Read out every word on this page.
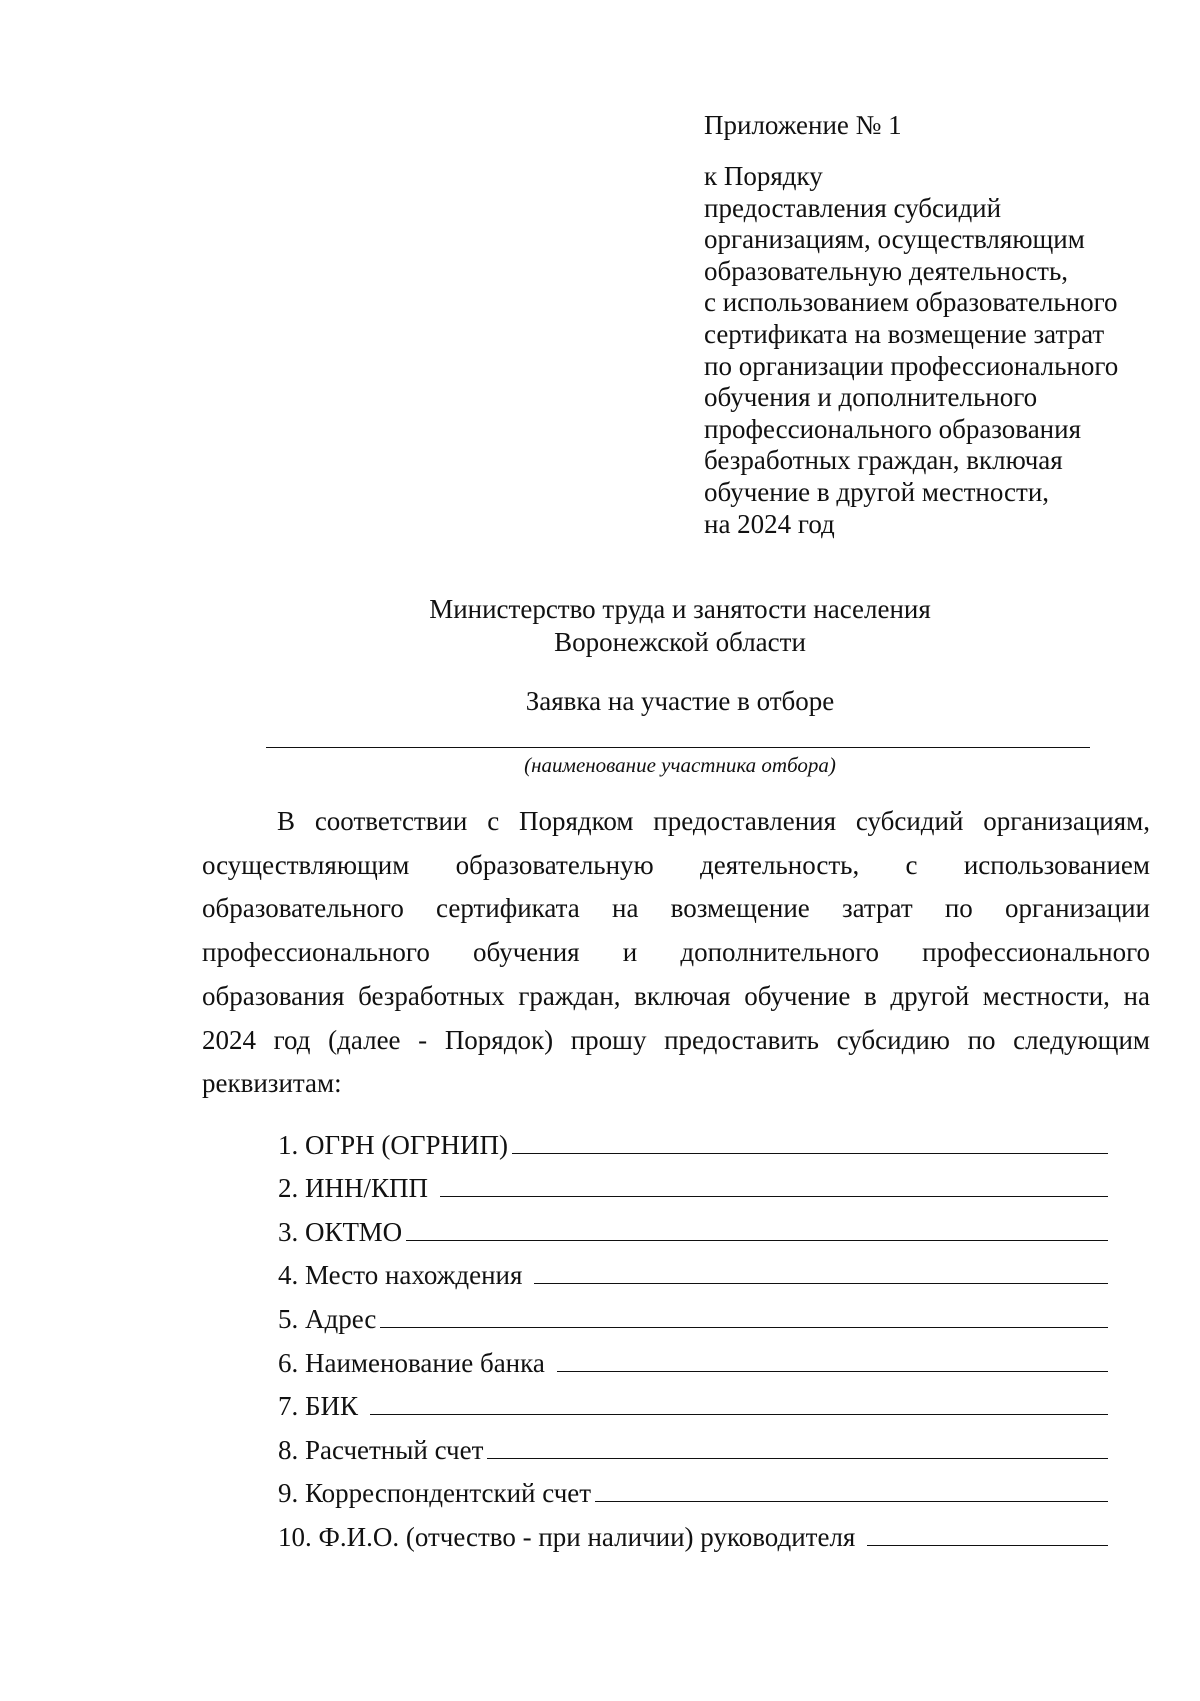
Приложение № 1
к Порядку
предоставления субсидий
организациям, осуществляющим
образовательную деятельность,
с использованием образовательного
сертификата на возмещение затрат
по организации профессионального
обучения и дополнительного
профессионального образования
безработных граждан, включая
обучение в другой местности,
на 2024 год
Министерство труда и занятости населения
Воронежской области
Заявка на участие в отборе
(наименование участника отбора)
В соответствии с Порядком предоставления субсидий организациям, осуществляющим образовательную деятельность, с использованием образовательного сертификата на возмещение затрат по организации профессионального обучения и дополнительного профессионального образования безработных граждан, включая обучение в другой местности, на 2024 год (далее - Порядок) прошу предоставить субсидию по следующим реквизитам:
1. ОГРН (ОГРНИП)
2. ИНН/КПП
3. ОКТМО
4. Место нахождения
5. Адрес
6. Наименование банка
7. БИК
8. Расчетный счет
9. Корреспондентский счет
10. Ф.И.О. (отчество - при наличии) руководителя
